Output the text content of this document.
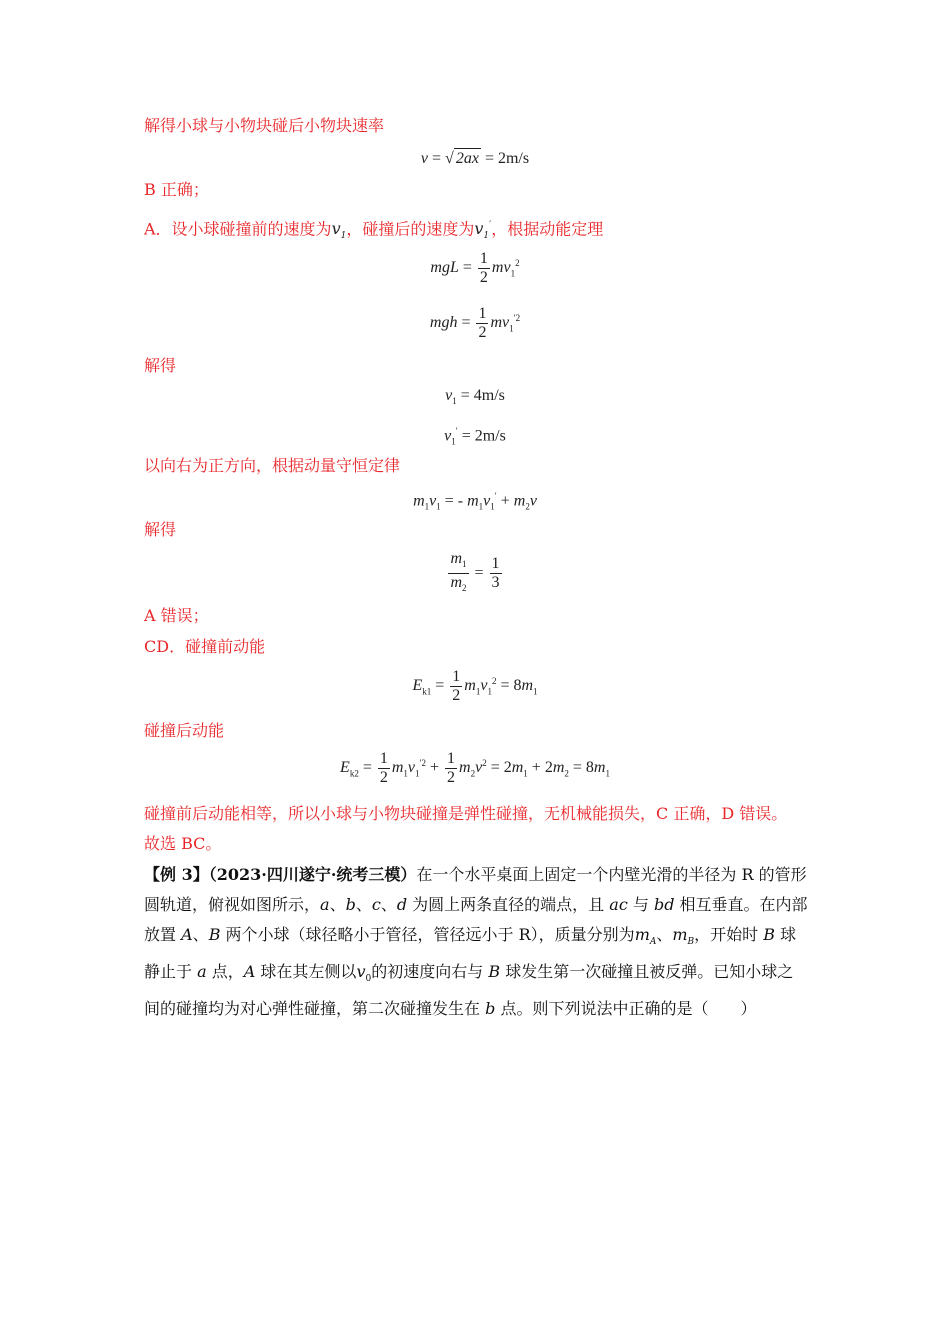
解得小球与小物块碰后小物块速率
v = √ 2ax = 2m/s
B 正确；
A．设小球碰撞前的速度为$v_1$，碰撞后的速度为$v_1'$，根据动能定理
mgL = $\frac{1}{2} mv_1^2$
mgh = $\frac{1}{2} mv_1^{'2}$
解得
$v_1 = 4m/s$
$v_1' = 2m/s$
以向右为正方向，根据动量守恒定律
$m_1v_1$ = - $m_1v_1' + m_2v$
解得
$\frac{m_1}{m_2} = \frac{1}{3}$
A 错误；
CD．碰撞前动能
$E_{k1} = \frac{1}{2} m_1v_1^2 = 8m_1$
碰撞后动能
$E_{k2} = \frac{1}{2} m_1v_1^{'2} + \frac{1}{2} m_2v^2 = 2m_1 + 2m_2 = 8m_1$
碰撞前后动能相等，所以小球与小物块碰撞是弹性碰撞，无机械能损失，C 正确，D 错误。
故选 BC。
【例 3】（2023·四川遂宁·统考三模）在一个水平桌面上固定一个内壁光滑的半径为 R 的管形圆轨道，俯视如图所示，a、b、c、d 为圆上两条直径的端点，且 ac 与 bd 相互垂直。在内部放置 A、B 两个小球（球径略小于管径，管径远小于 R），质量分别为$m_A$、$m_B$，开始时 B 球静止于 a 点，A 球在其左侧以$v_0$的初速度向右与 B 球发生第一次碰撞且被反弹。已知小球之间的碰撞均为对心弹性碰撞，第二次碰撞发生在 b 点。则下列说法中正确的是（　　）
